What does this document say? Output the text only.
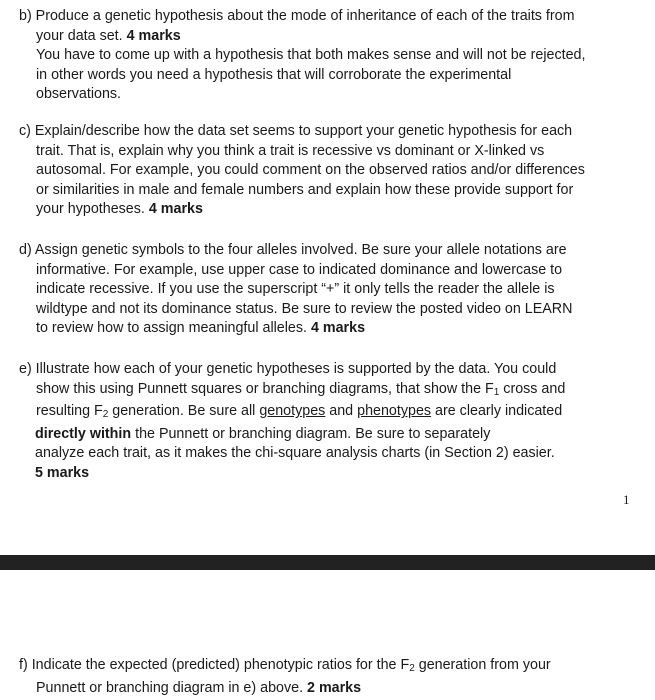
b) Produce a genetic hypothesis about the mode of inheritance of each of the traits from
your data set. 4 marks
You have to come up with a hypothesis that both makes sense and will not be rejected,
in other words you need a hypothesis that will corroborate the experimental
observations.
c) Explain/describe how the data set seems to support your genetic hypothesis for each
trait. That is, explain why you think a trait is recessive vs dominant or X-linked vs
autosomal. For example, you could comment on the observed ratios and/or differences
or similarities in male and female numbers and explain how these provide support for
your hypotheses. 4 marks
d) Assign genetic symbols to the four alleles involved. Be sure your allele notations are
informative. For example, use upper case to indicated dominance and lowercase to
indicate recessive. If you use the superscript “+” it only tells the reader the allele is
wildtype and not its dominance status. Be sure to review the posted video on LEARN
to review how to assign meaningful alleles. 4 marks
e) Illustrate how each of your genetic hypotheses is supported by the data. You could
show this using Punnett squares or branching diagrams, that show the $F_1$ cross and
resulting $F_2$ generation. Be sure all genotypes and phenotypes are clearly indicated
directly within the Punnett or branching diagram. Be sure to separately
analyze each trait, as it makes the chi-square analysis charts (in Section 2) easier.
5 marks
1
f) Indicate the expected (predicted) phenotypic ratios for the $F_2$ generation from your
Punnett or branching diagram in e) above. 2 marks
